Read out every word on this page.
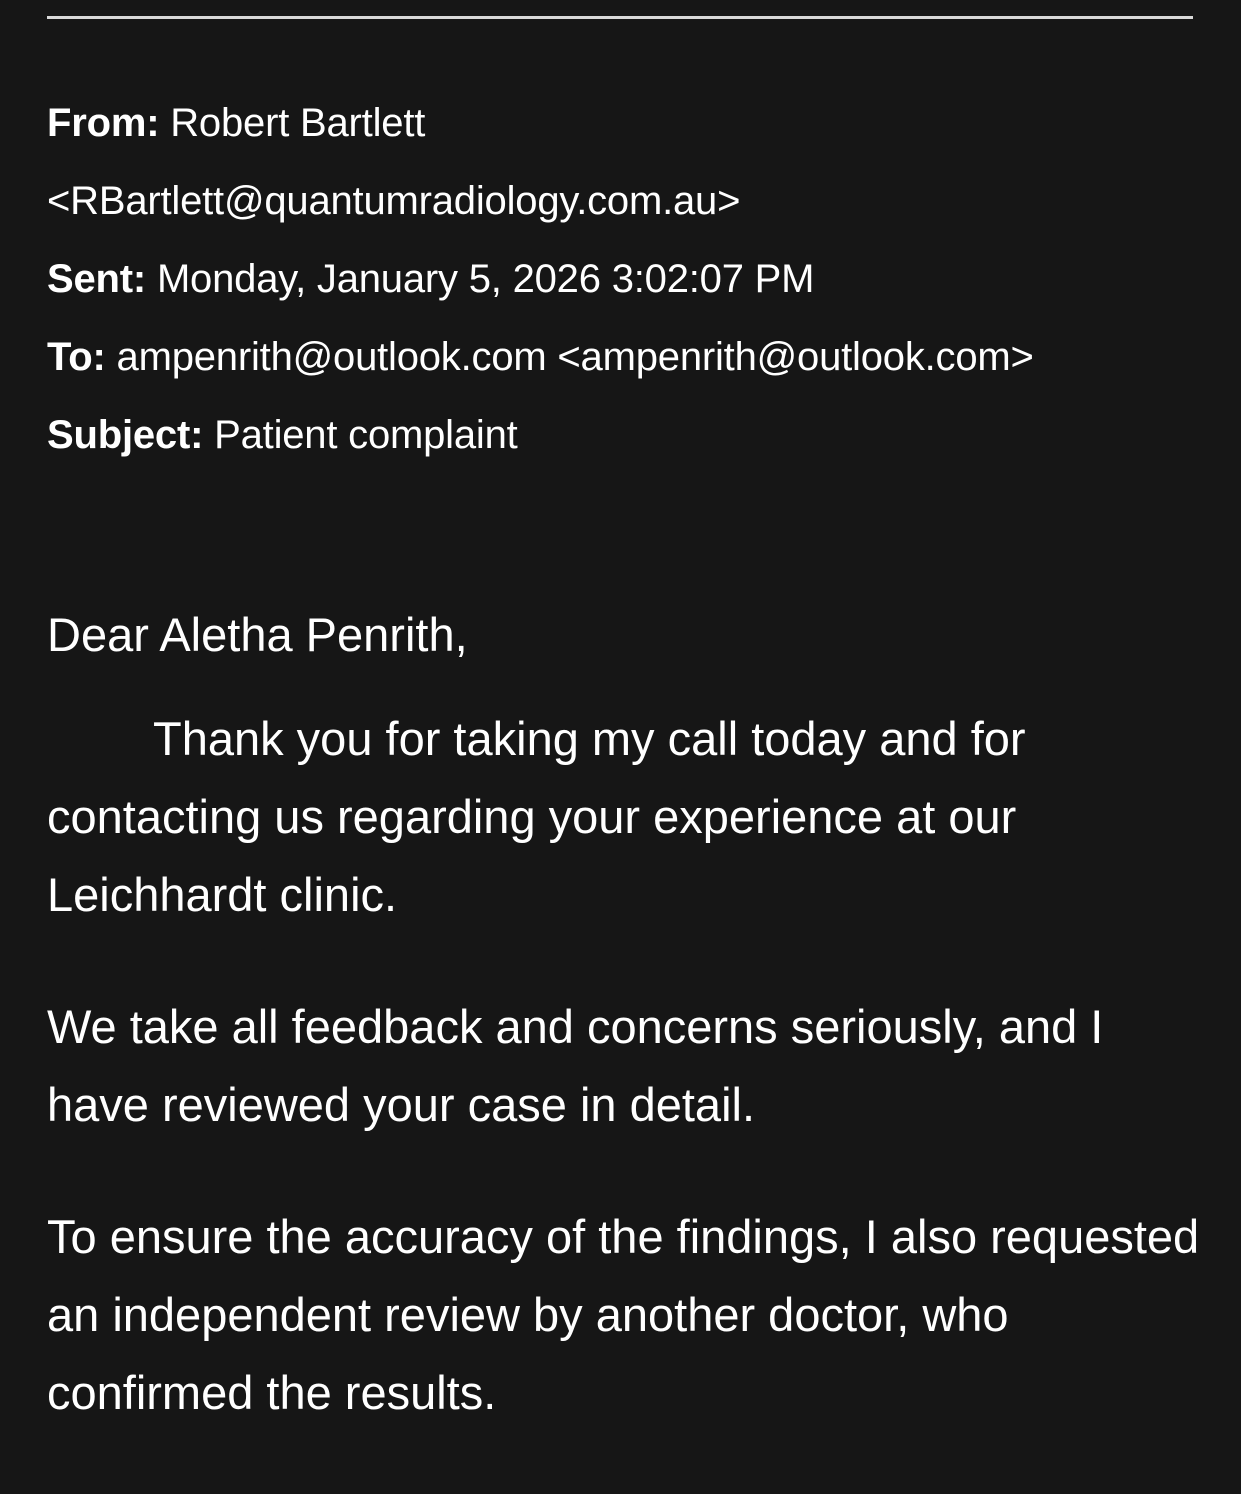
From: Robert Bartlett
<RBartlett@quantumradiology.com.au>
Sent: Monday, January 5, 2026 3:02:07 PM
To: ampenrith@outlook.com <ampenrith@outlook.com>
Subject: Patient complaint

Dear Aletha Penrith,

Thank you for taking my call today and for contacting us regarding your experience at our Leichhardt clinic.

We take all feedback and concerns seriously, and I have reviewed your case in detail.

To ensure the accuracy of the findings, I also requested an independent review by another doctor, who confirmed the results.
